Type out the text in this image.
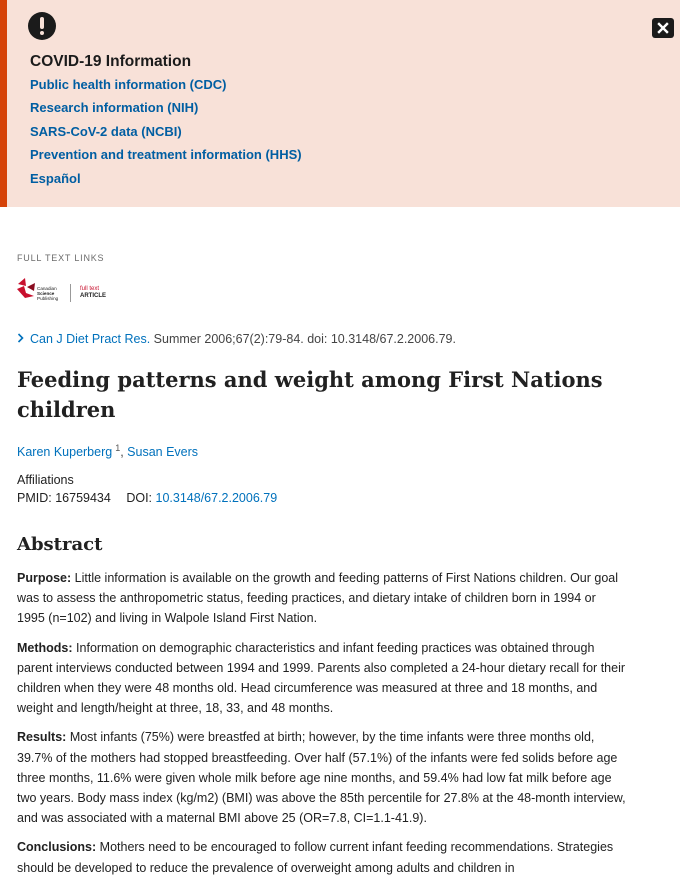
COVID-19 Information
Public health information (CDC)
Research information (NIH)
SARS-CoV-2 data (NCBI)
Prevention and treatment information (HHS)
Español
FULL TEXT LINKS
Canadian
Science
Publishing
full text
ARTICLE
Can J Diet Pract Res. Summer 2006;67(2):79-84. doi: 10.3148/67.2.2006.79.
Feeding patterns and weight among First Nations children
Karen Kuperberg $^1$, Susan Evers
Affiliations
PMID: 16759434 DOI: 10.3148/67.2.2006.79
Abstract

Purpose: Little information is available on the growth and feeding patterns of First Nations children. Our goal was to assess the anthropometric status, feeding practices, and dietary intake of children born in 1994 or 1995 (n=102) and living in Walpole Island First Nation.

Methods: Information on demographic characteristics and infant feeding practices was obtained through parent interviews conducted between 1994 and 1999. Parents also completed a 24-hour dietary recall for their children when they were 48 months old. Head circumference was measured at three and 18 months, and weight and length/height at three, 18, 33, and 48 months.

Results: Most infants (75%) were breastfed at birth; however, by the time infants were three months old, 39.7% of the mothers had stopped breastfeeding. Over half (57.1%) of the infants were fed solids before age three months, 11.6% were given whole milk before age nine months, and 59.4% had low fat milk before age two years. Body mass index (kg/m2) (BMI) was above the 85th percentile for 27.8% at the 48-month interview, and was associated with a maternal BMI above 25 (OR=7.8, CI=1.1-41.9).

Conclusions: Mothers need to be encouraged to follow current infant feeding recommendations. Strategies should be developed to reduce the prevalence of overweight among adults and children in
